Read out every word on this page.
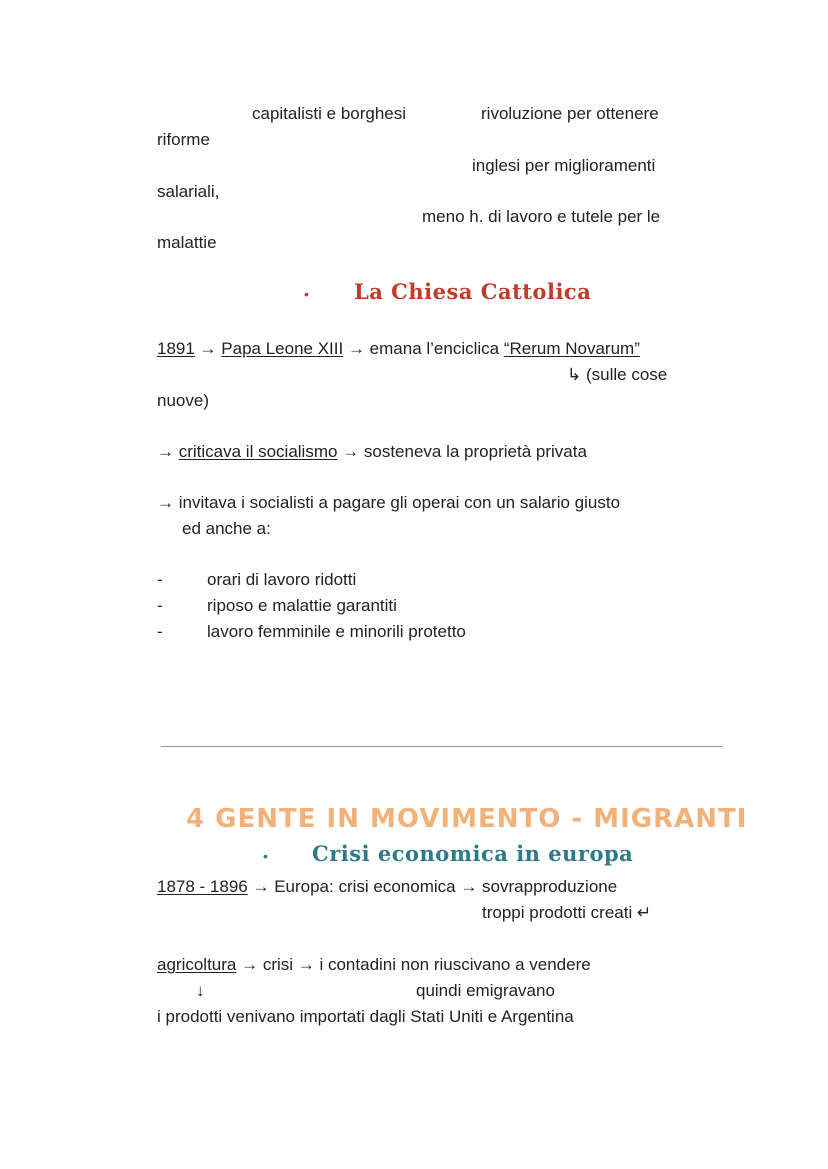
capitalisti e borghesi	rivoluzione per ottenere
riforme
inglesi per miglioramenti
salariali,
meno h. di lavoro e tutele per le
malattie
• La Chiesa Cattolica
1891 → Papa Leone XIII → emana l’enciclica “Rerum Novarum”
↳ (sulle cose
nuove)
→ criticava il socialismo → sosteneva la proprietà privata
→ invitava i socialisti a pagare gli operai con un salario giusto
ed anche a:
-	orari di lavoro ridotti
-	riposo e malattie garantiti
-	lavoro femminile e minorili protetto
4 GENTE IN MOVIMENTO - MIGRANTI
• Crisi economica in europa
1878 - 1896 → Europa: crisi economica → sovrapproduzione
troppi prodotti creati ↵
agricoltura → crisi → i contadini non riuscivano a vendere
↓	quindi emigravano
i prodotti venivano importati dagli Stati Uniti e Argentina
